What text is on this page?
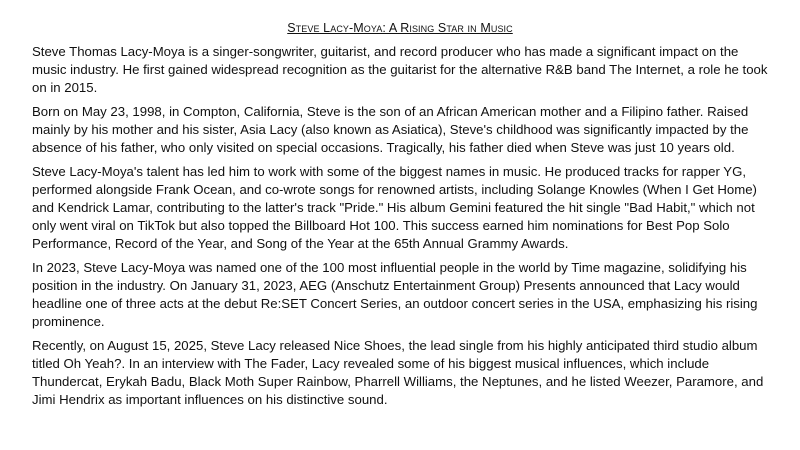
Steve Lacy-Moya: A Rising Star in Music

Steve Thomas Lacy-Moya is a singer-songwriter, guitarist, and record producer who has made a significant impact on the music industry. He first gained widespread recognition as the guitarist for the alternative R&B band The Internet, a role he took on in 2015.

Born on May 23, 1998, in Compton, California, Steve is the son of an African American mother and a Filipino father. Raised mainly by his mother and his sister, Asia Lacy (also known as Asiatica), Steve's childhood was significantly impacted by the absence of his father, who only visited on special occasions. Tragically, his father died when Steve was just 10 years old.

Steve Lacy-Moya's talent has led him to work with some of the biggest names in music. He produced tracks for rapper YG, performed alongside Frank Ocean, and co-wrote songs for renowned artists, including Solange Knowles (When I Get Home) and Kendrick Lamar, contributing to the latter's track "Pride." His album Gemini featured the hit single "Bad Habit," which not only went viral on TikTok but also topped the Billboard Hot 100. This success earned him nominations for Best Pop Solo Performance, Record of the Year, and Song of the Year at the 65th Annual Grammy Awards.

In 2023, Steve Lacy-Moya was named one of the 100 most influential people in the world by Time magazine, solidifying his position in the industry. On January 31, 2023, AEG (Anschutz Entertainment Group) Presents announced that Lacy would headline one of three acts at the debut Re:SET Concert Series, an outdoor concert series in the USA, emphasizing his rising prominence.

Recently, on August 15, 2025, Steve Lacy released Nice Shoes, the lead single from his highly anticipated third studio album titled Oh Yeah?. In an interview with The Fader, Lacy revealed some of his biggest musical influences, which include Thundercat, Erykah Badu, Black Moth Super Rainbow, Pharrell Williams, the Neptunes, and he listed Weezer, Paramore, and Jimi Hendrix as important influences on his distinctive sound.
